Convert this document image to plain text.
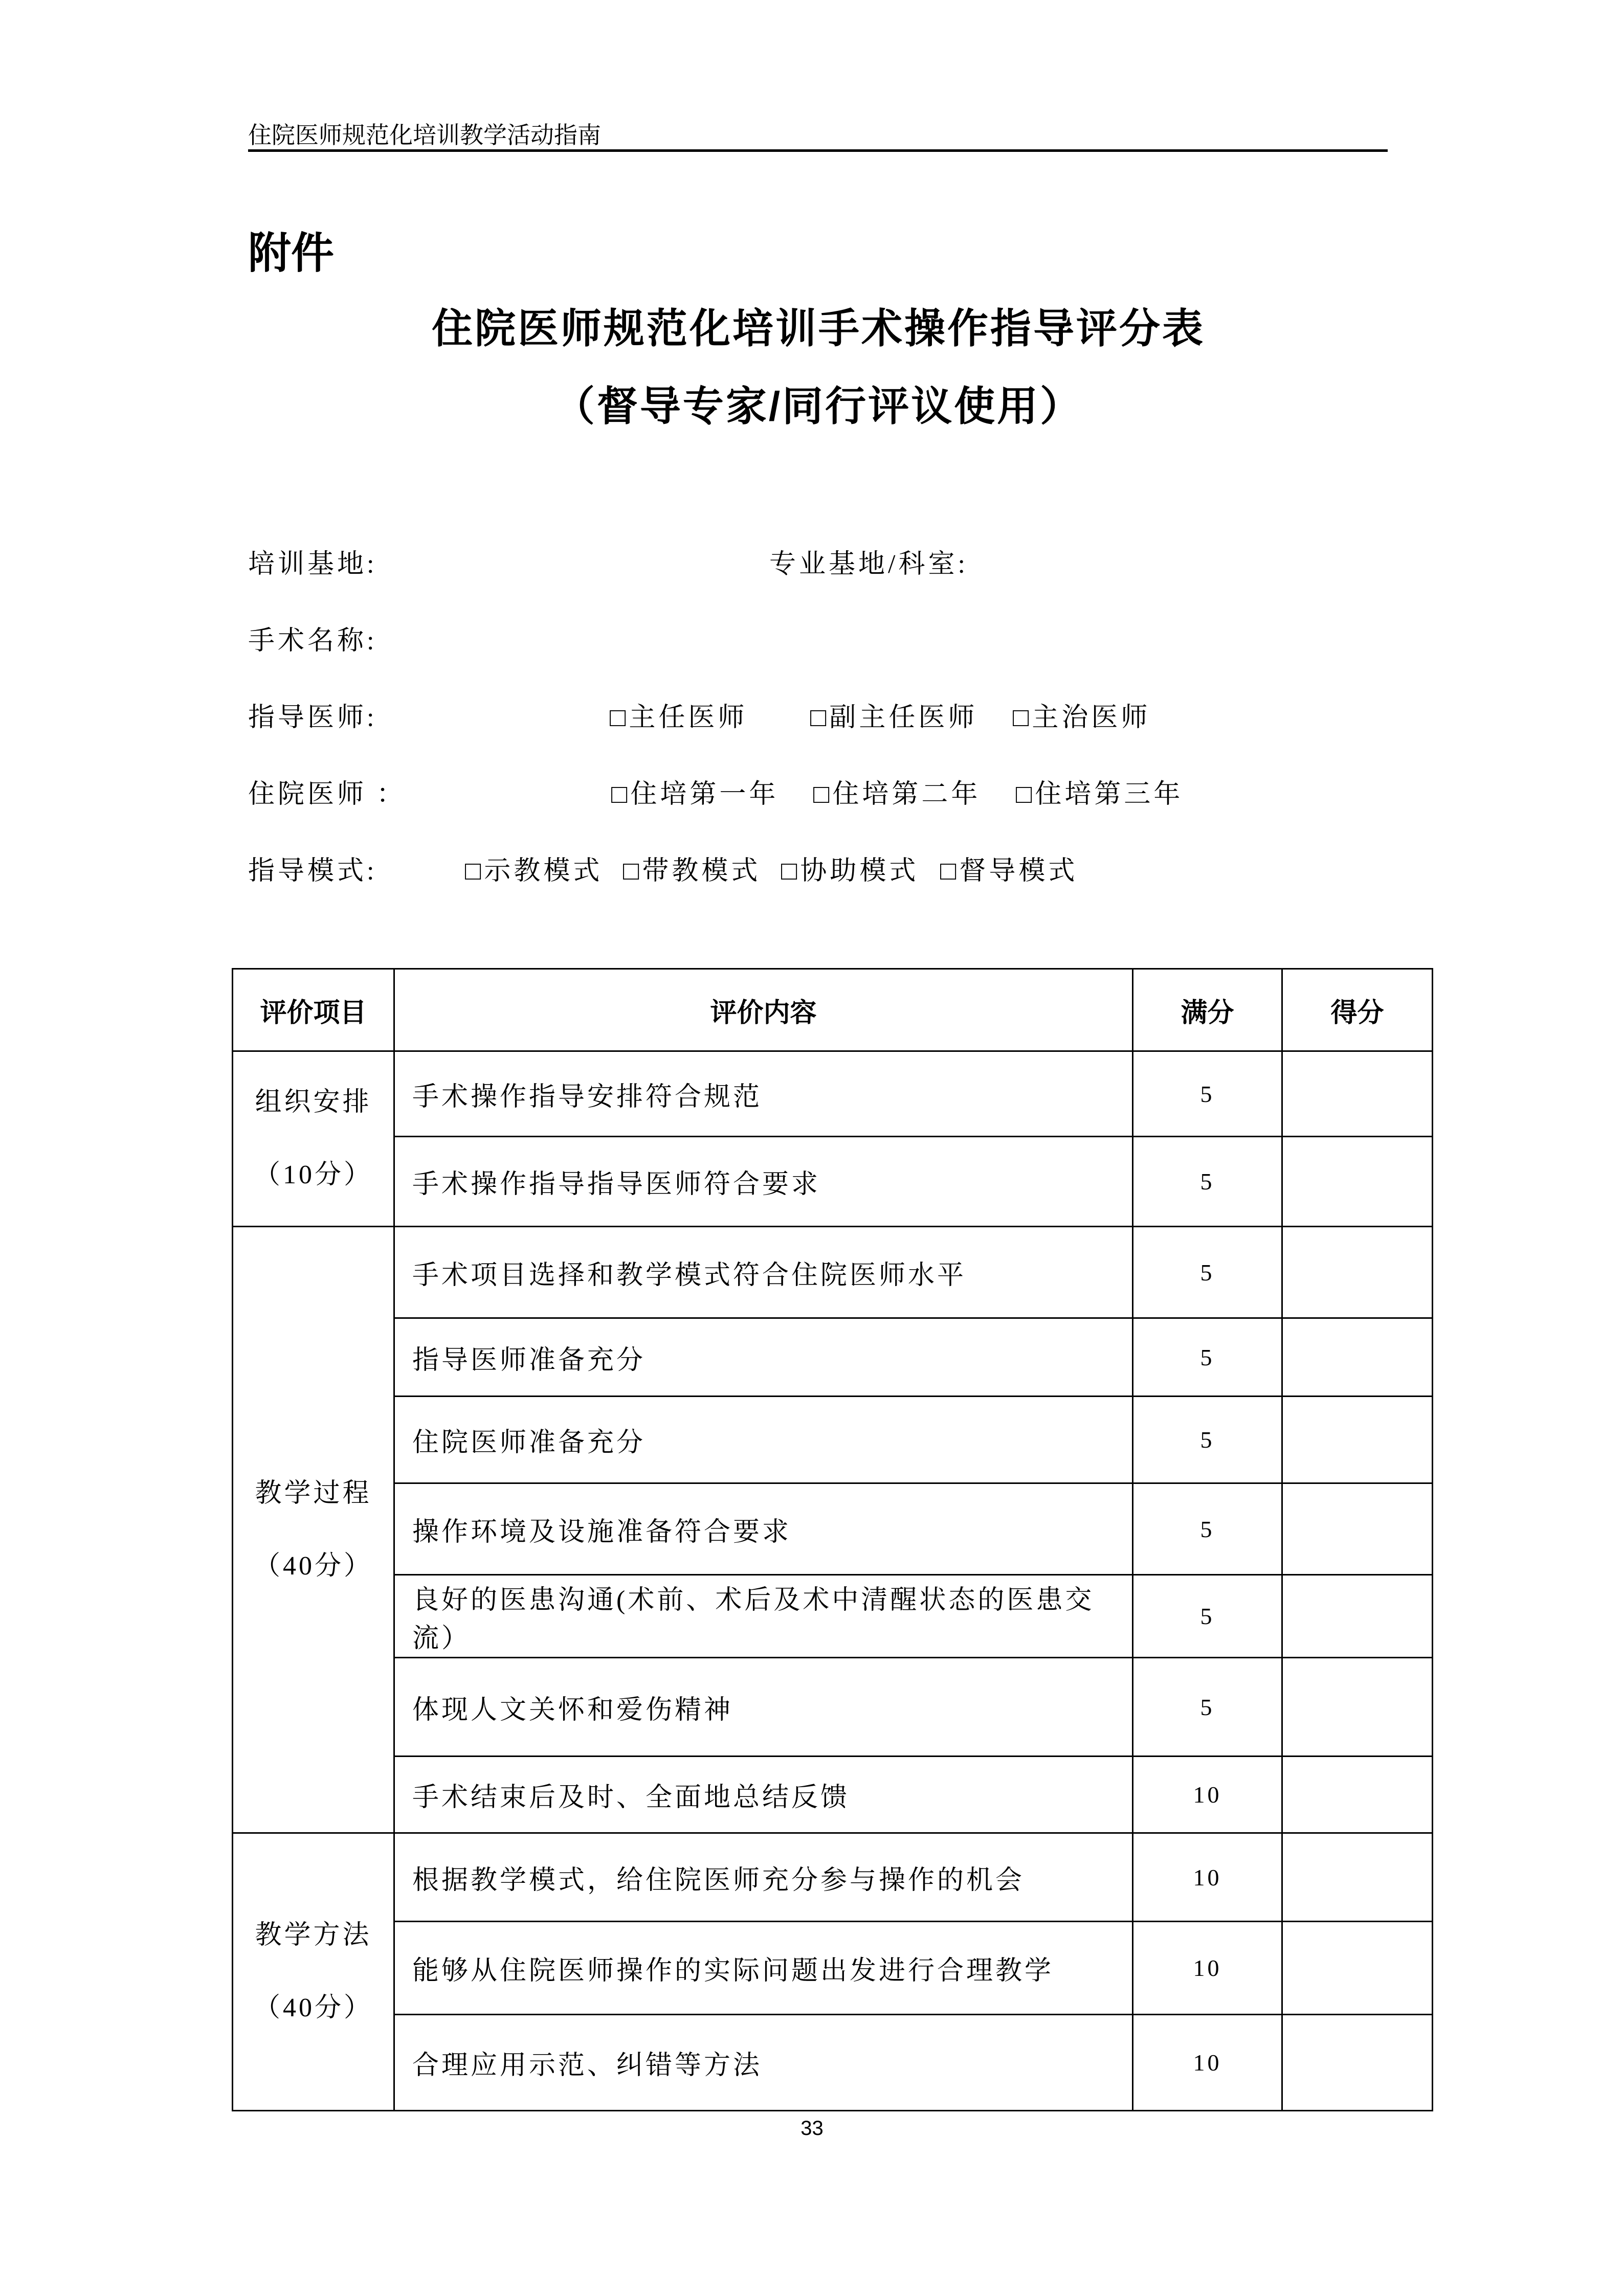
住院医师规范化培训教学活动指南
附件
住院医师规范化培训手术操作指导评分表
（督导专家/同行评议使用）
培训基地:	专业基地/科室:
手术名称:
指导医师:	□主任医师 □副主任医师 □主治医师
住院医师 ：	□住培第一年 □住培第二年 □住培第三年
指导模式:	□示教模式 □带教模式 □协助模式 □督导模式
评价项目	评价内容	满分	得分

组织安排
（10分）	手术操作指导安排符合规范	5	
	手术操作指导指导医师符合要求	5	

教学过程
（40分）	手术项目选择和教学模式符合住院医师水平	5	
	指导医师准备充分	5	
	住院医师准备充分	5	
	操作环境及设施准备符合要求	5	
	良好的医患沟通(术前、术后及术中清醒状态的医患交流）	5	
	体现人文关怀和爱伤精神	5	
	手术结束后及时、全面地总结反馈	10	

教学方法
（40分）	根据教学模式，给住院医师充分参与操作的机会	10	
	能够从住院医师操作的实际问题出发进行合理教学	10	
	合理应用示范、纠错等方法	10	
33
